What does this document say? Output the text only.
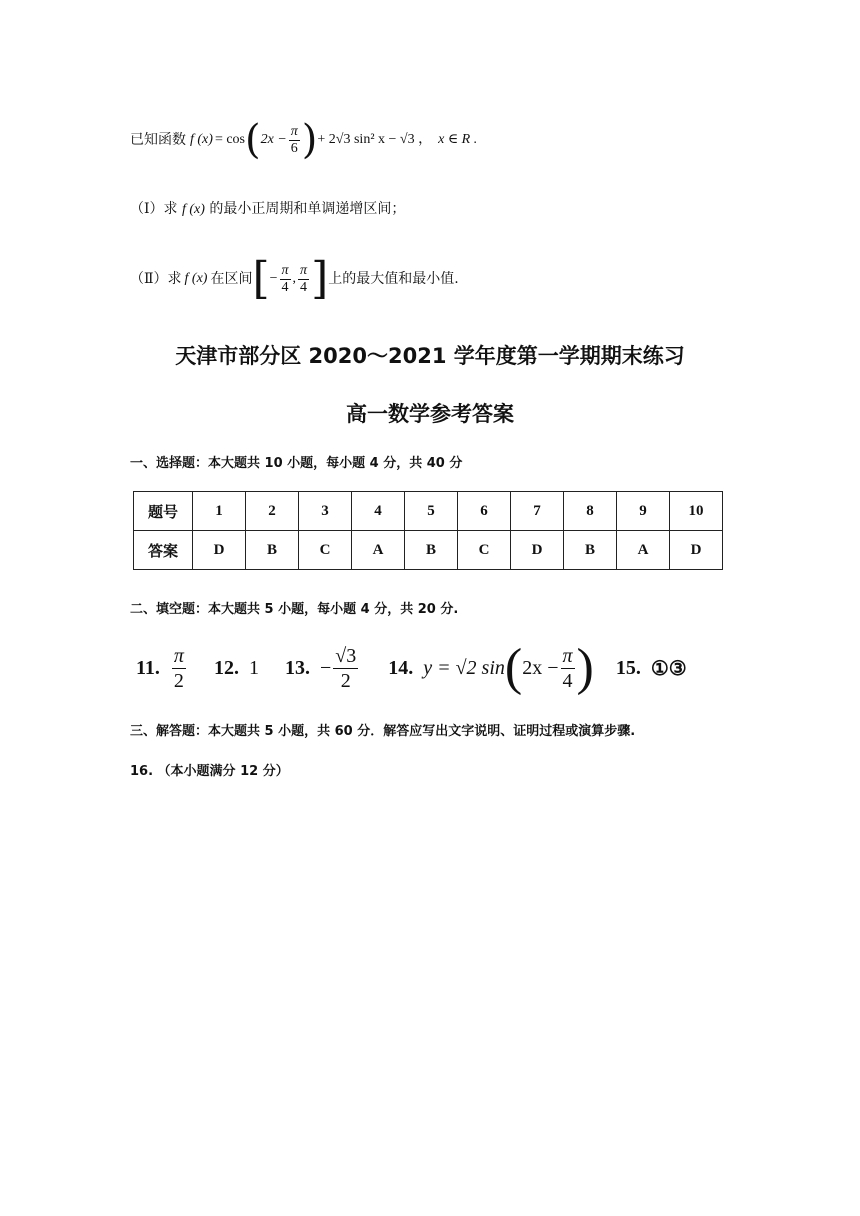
已知函数 f (x) = cos ( $2x - \frac{\pi}{6}$ ) + 2√3 sin² x − √3 ， x ∈ R .
（Ⅰ）求 f (x) 的最小正周期和单调递增区间；
（Ⅱ）求 f (x) 在区间 [ − $\frac{\pi}{4}$ , $\frac{\pi}{4}$ ] 上的最大值和最小值.
天津市部分区 2020～2021 学年度第一学期期末练习
高一数学参考答案
一、选择题：本大题共 10 小题，每小题 4 分，共 40 分
题号	1	2	3	4	5	6	7	8	9	10
答案	D	B	C	A	B	C	D	B	A	D
二、填空题：本大题共 5 小题，每小题 4 分，共 20 分.
11. $\frac{\pi}{2} 12$. 1 13. − $\frac{√3}{2} 14$. y = √2 sin ( $2x - \frac{\pi}{4}$ ) 15. ①③
三、解答题：本大题共 5 小题，共 60 分．解答应写出文字说明、证明过程或演算步骤.
16. （本小题满分 12 分）
